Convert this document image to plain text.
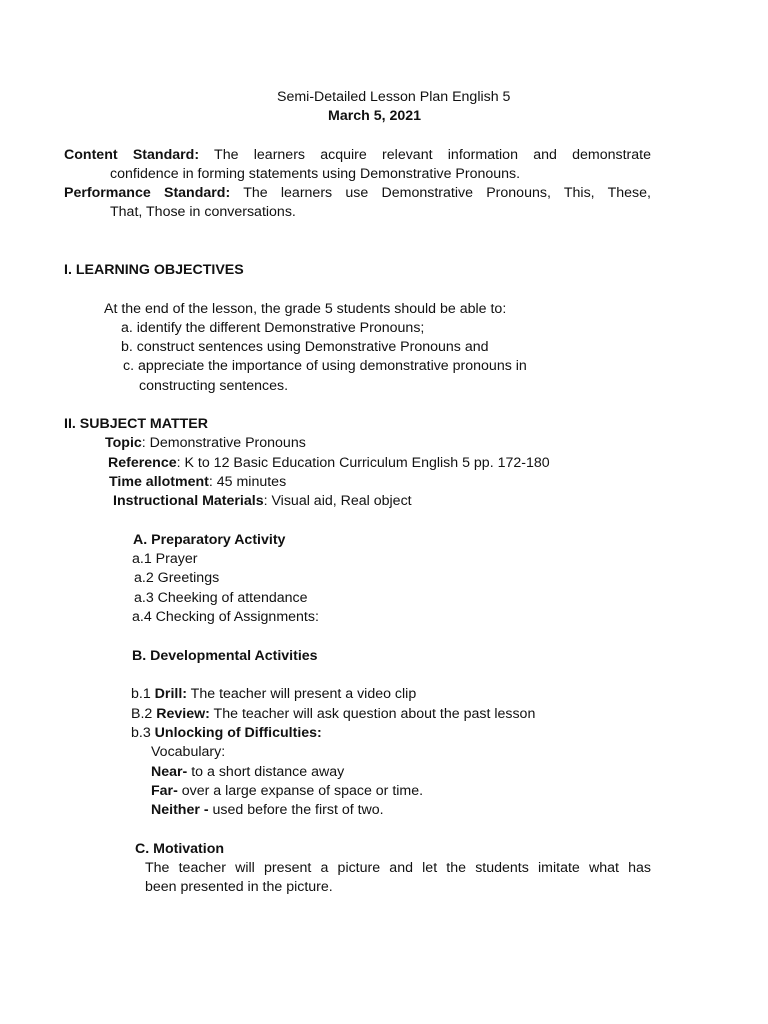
Semi-Detailed Lesson Plan English 5
March 5, 2021
Content Standard: The learners acquire relevant information and demonstrate
confidence in forming statements using Demonstrative Pronouns.
Performance Standard: The learners use Demonstrative Pronouns, This, These,
That, Those in conversations.
I. LEARNING OBJECTIVES
At the end of the lesson, the grade 5 students should be able to:
a. identify the different Demonstrative Pronouns;
b. construct sentences using Demonstrative Pronouns and
c. appreciate the importance of using demonstrative pronouns in
constructing sentences.
II. SUBJECT MATTER
Topic: Demonstrative Pronouns
Reference: K to 12 Basic Education Curriculum English 5 pp. 172-180
Time allotment: 45 minutes
Instructional Materials: Visual aid, Real object
A. Preparatory Activity
a.1 Prayer
a.2 Greetings
a.3 Cheeking of attendance
a.4 Checking of Assignments:
B. Developmental Activities
b.1 Drill: The teacher will present a video clip
B.2 Review: The teacher will ask question about the past lesson
b.3 Unlocking of Difficulties:
Vocabulary:
Near- to a short distance away
Far- over a large expanse of space or time.
Neither - used before the first of two.
C. Motivation
The teacher will present a picture and let the students imitate what has
been presented in the picture.
